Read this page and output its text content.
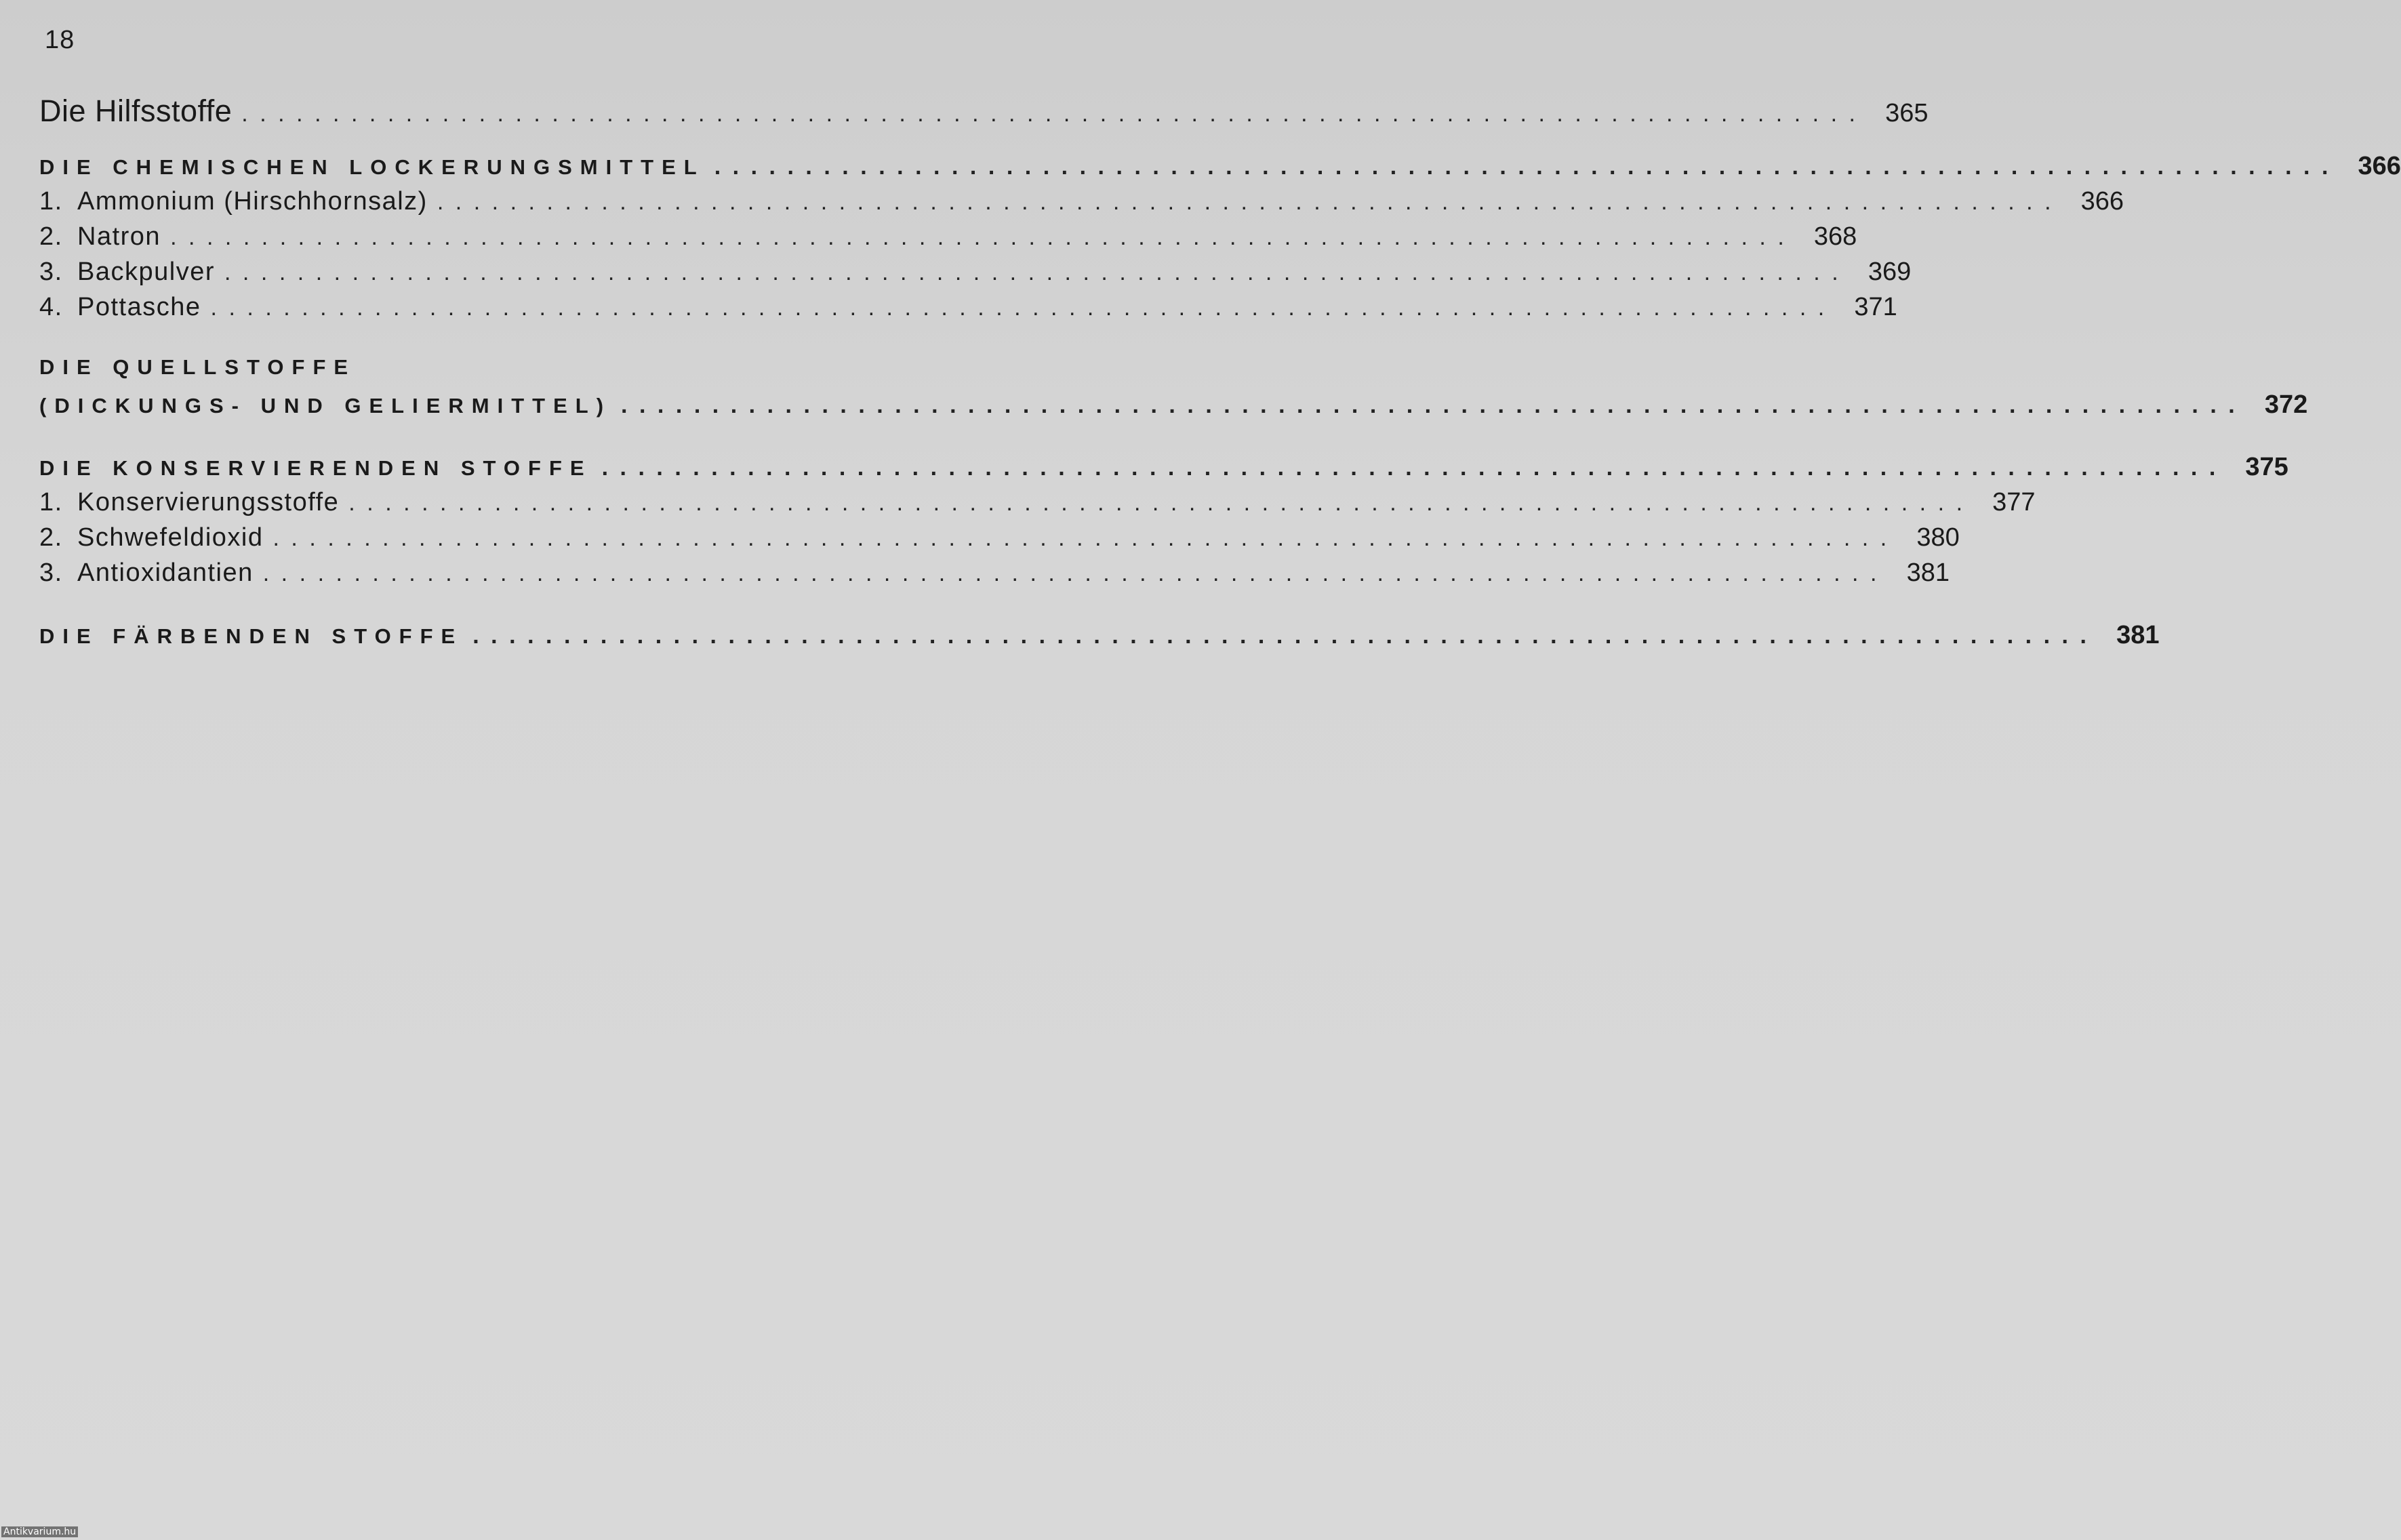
18
Die Hilfsstoffe ......................................................................................... 365
DIE CHEMISCHEN LOCKERUNGSMITTEL ......................................................................................... 366
1. Ammonium (Hirschhornsalz) ......................................................................................... 366
2. Natron ......................................................................................... 368
3. Backpulver ......................................................................................... 369
4. Pottasche ......................................................................................... 371
DIE QUELLSTOFFE
(DICKUNGS- UND GELIERMITTEL) ......................................................................................... 372
DIE KONSERVIERENDEN STOFFE ......................................................................................... 375
1. Konservierungsstoffe ......................................................................................... 377
2. Schwefeldioxid ......................................................................................... 380
3. Antioxidantien ......................................................................................... 381
DIE FÄRBENDEN STOFFE ......................................................................................... 381
Antikvarium.hu
